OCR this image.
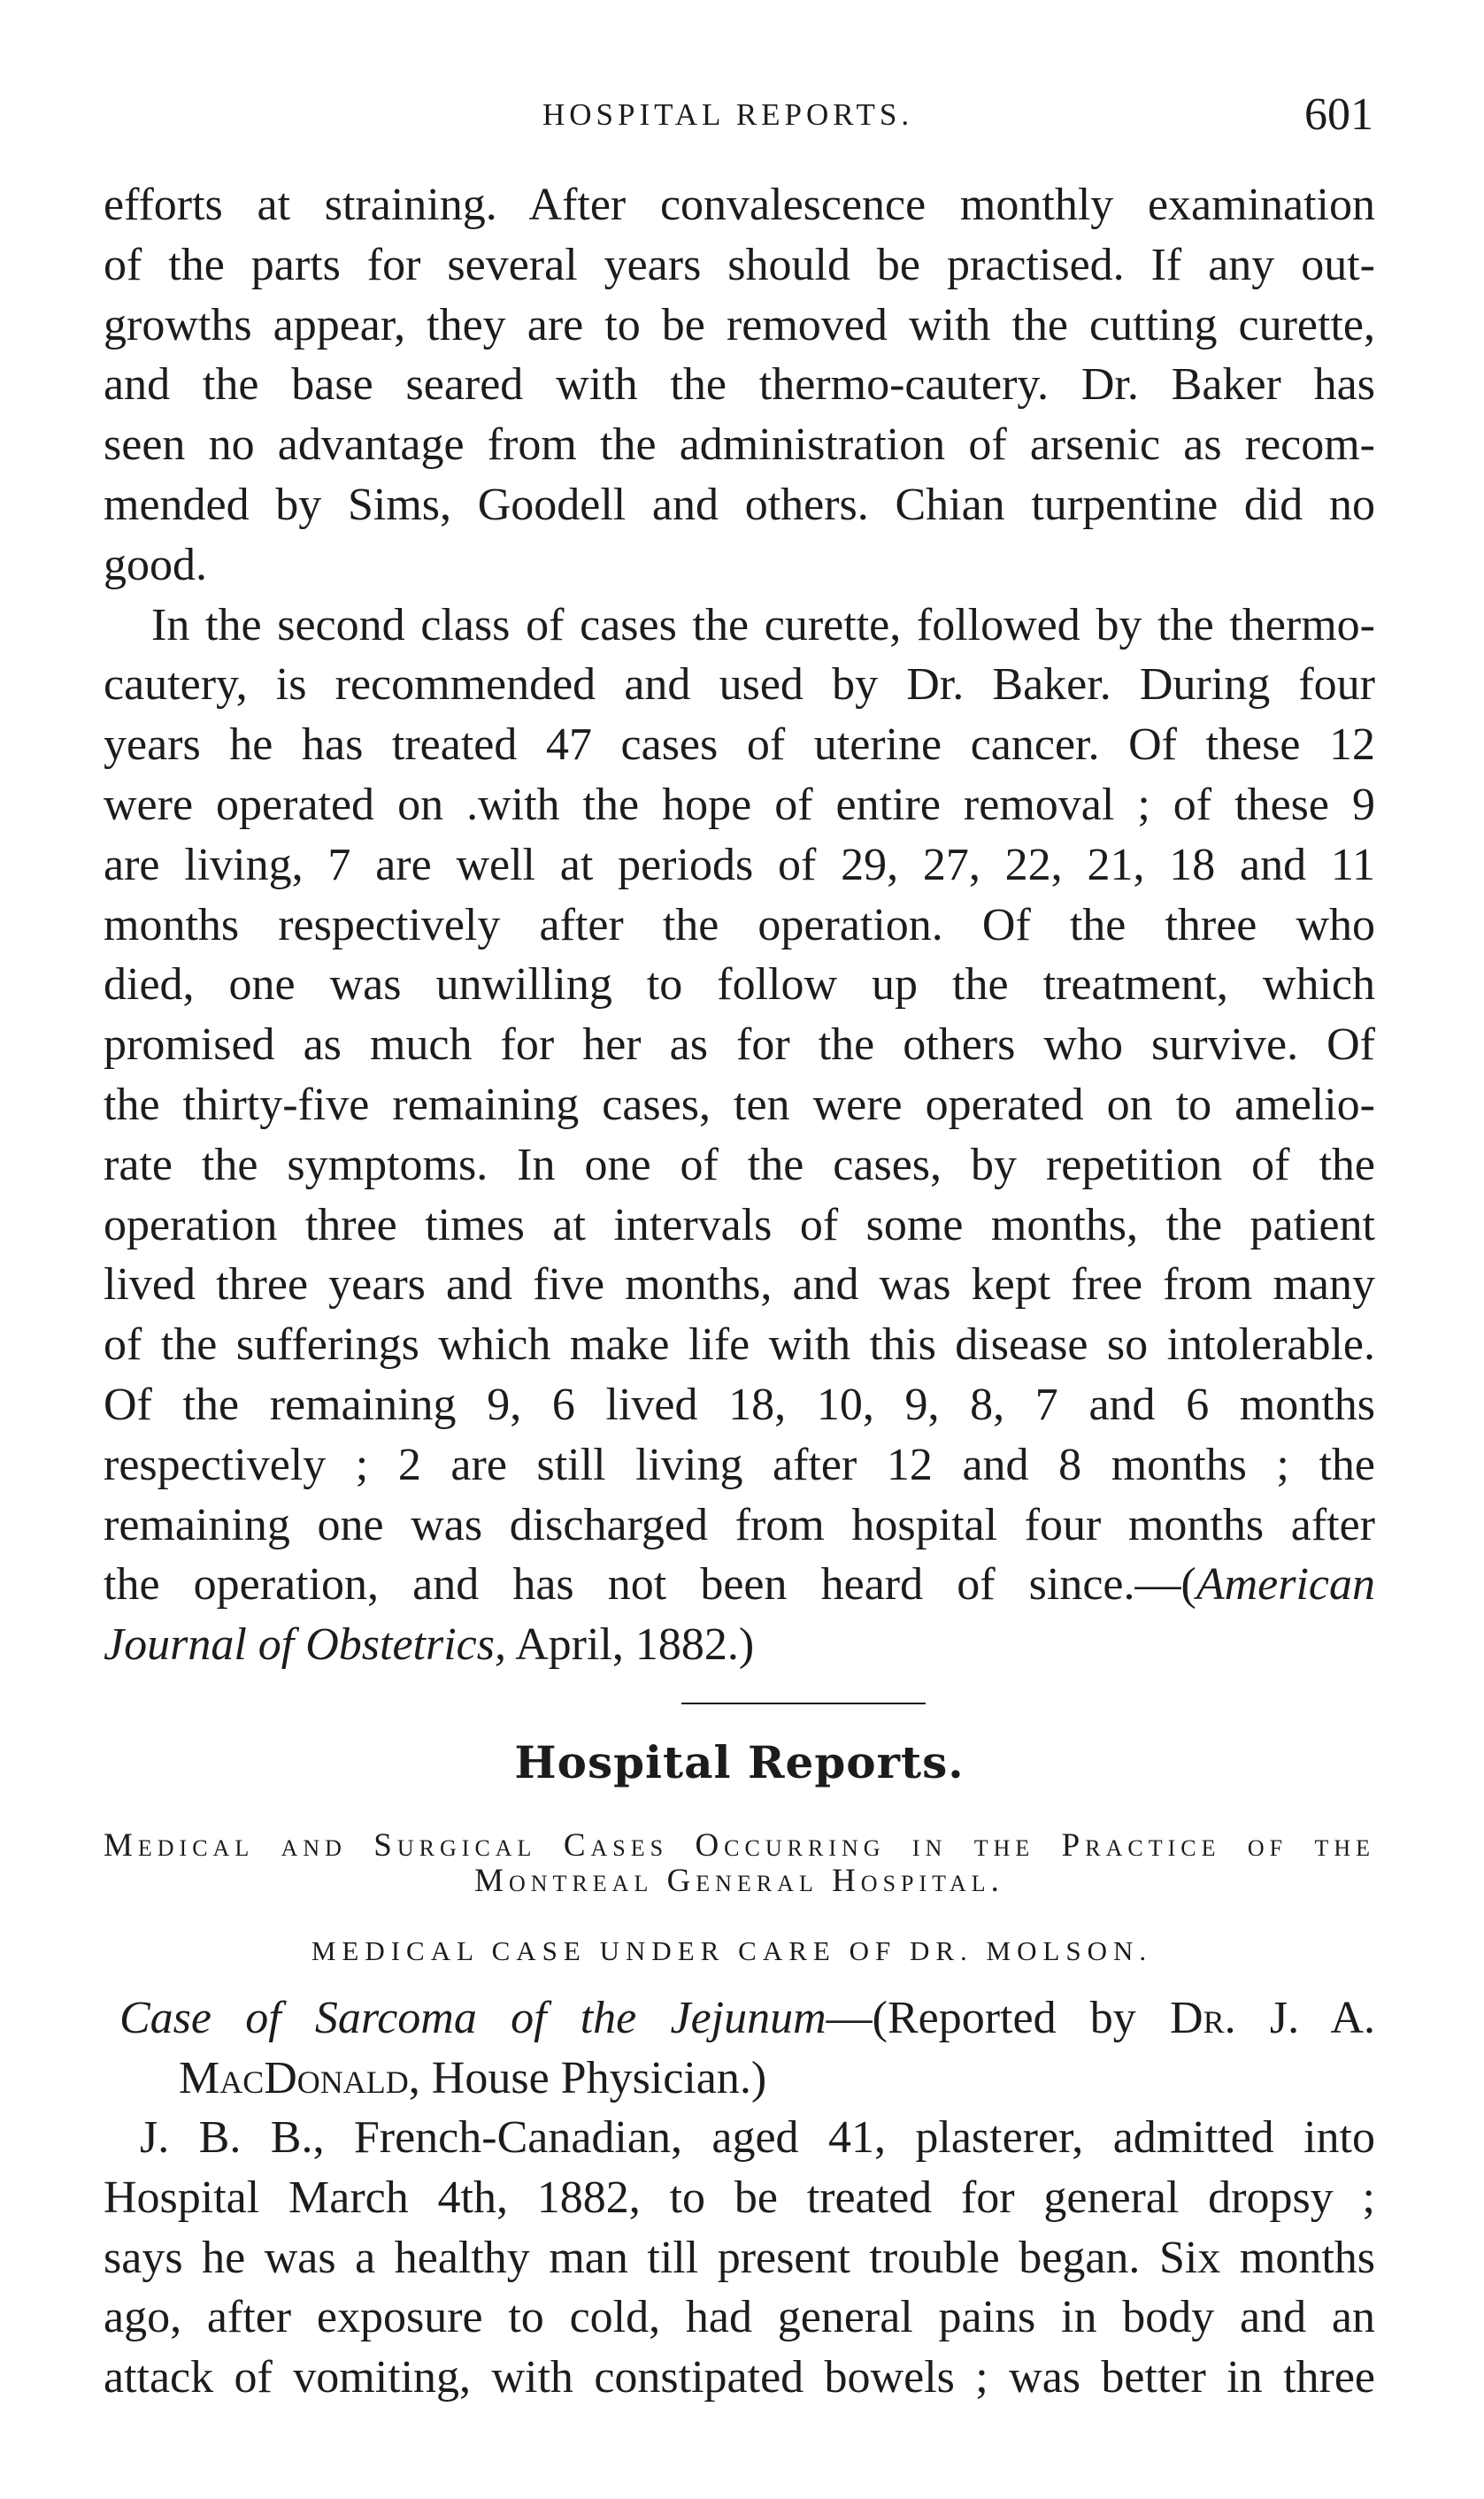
HOSPITAL REPORTS.	601
efforts at straining. After convalescence monthly examination
of the parts for several years should be practised. If any out-
growths appear, they are to be removed with the cutting curette,
and the base seared with the thermo-cautery. Dr. Baker has
seen no advantage from the administration of arsenic as recom-
mended by Sims, Goodell and others. Chian turpentine did no
good.
In the second class of cases the curette, followed by the thermo-
cautery, is recommended and used by Dr. Baker. During four
years he has treated 47 cases of uterine cancer. Of these 12
were operated on .with the hope of entire removal ; of these 9
are living, 7 are well at periods of 29, 27, 22, 21, 18 and 11
months respectively after the operation. Of the three who
died, one was unwilling to follow up the treatment, which
promised as much for her as for the others who survive. Of
the thirty-five remaining cases, ten were operated on to amelio-
rate the symptoms. In one of the cases, by repetition of the
operation three times at intervals of some months, the patient
lived three years and five months, and was kept free from many
of the sufferings which make life with this disease so intolerable.
Of the remaining 9, 6 lived 18, 10, 9, 8, 7 and 6 months
respectively ; 2 are still living after 12 and 8 months ; the
remaining one was discharged from hospital four months after
the operation, and has not been heard of since.—(American
Journal of Obstetrics, April, 1882.)
Hospital Reports.
Medical and Surgical Cases Occurring in the Practice of the
Montreal General Hospital.
MEDICAL CASE UNDER CARE OF DR. MOLSON.
Case of Sarcoma of the Jejunum—(Reported by Dr. J. A.
MacDonald, House Physician.)
J. B. B., French-Canadian, aged 41, plasterer, admitted into
Hospital March 4th, 1882, to be treated for general dropsy ;
says he was a healthy man till present trouble began. Six months
ago, after exposure to cold, had general pains in body and an
attack of vomiting, with constipated bowels ; was better in three
